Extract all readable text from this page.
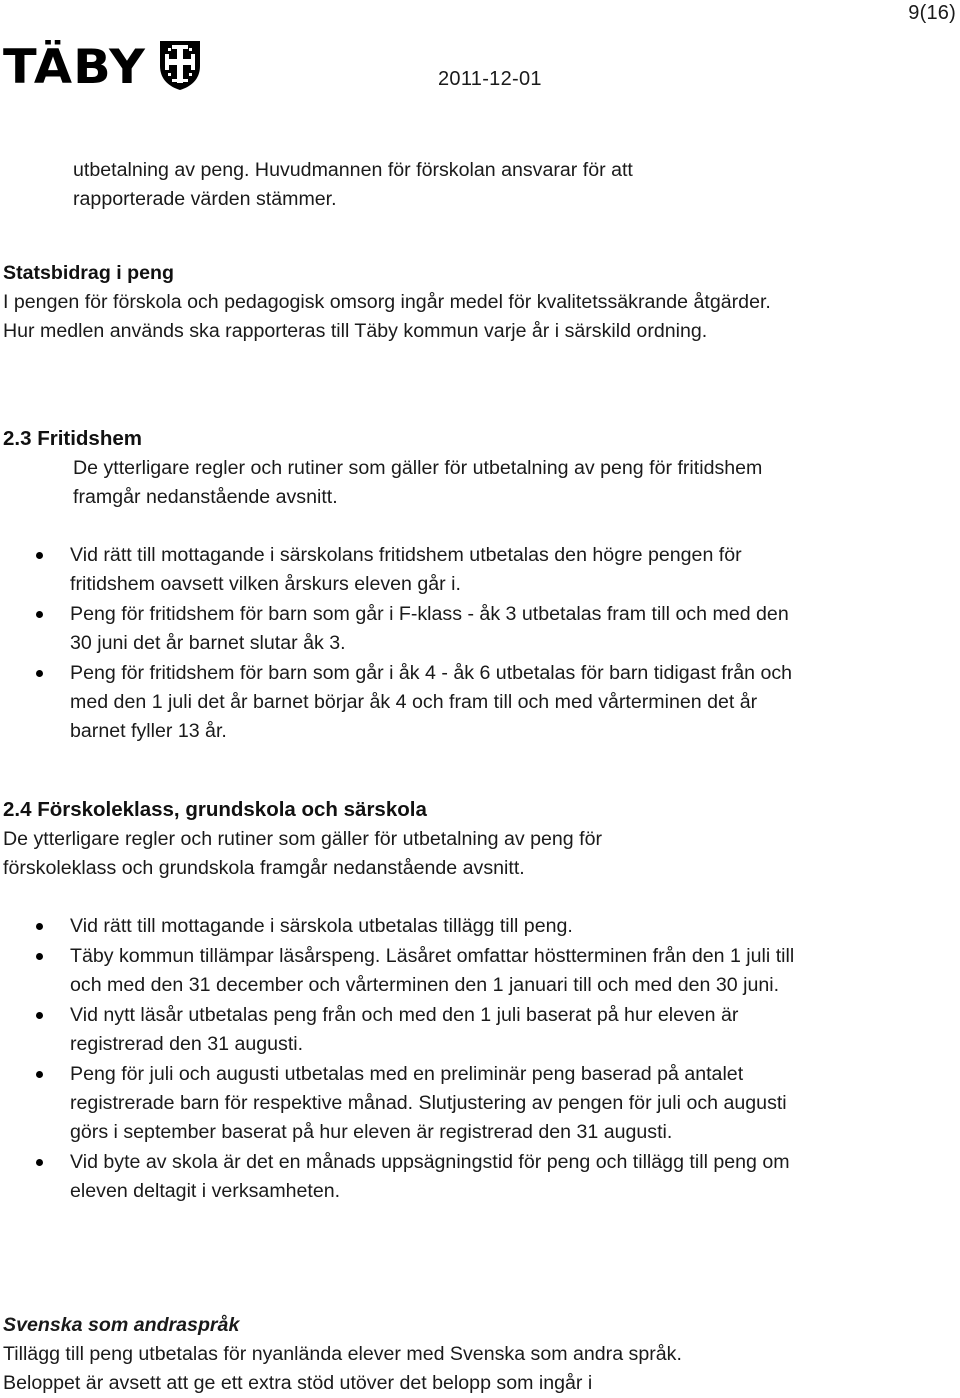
9(16)
TÄBY	2011-12-01
utbetalning av peng. Huvudmannen för förskolan ansvarar för att
rapporterade värden stämmer.
Statsbidrag i peng
I pengen för förskola och pedagogisk omsorg ingår medel för kvalitetssäkrande åtgärder. Hur medlen används ska rapporteras till Täby kommun varje år i särskild ordning.
2.3 Fritidshem
De ytterligare regler och rutiner som gäller för utbetalning av peng för fritidshem framgår nedanstående avsnitt.
Vid rätt till mottagande i särskolans fritidshem utbetalas den högre pengen för fritidshem oavsett vilken årskurs eleven går i.
Peng för fritidshem för barn som går i F-klass - åk 3 utbetalas fram till och med den 30 juni det år barnet slutar åk 3.
Peng för fritidshem för barn som går i åk 4 - åk 6 utbetalas för barn tidigast från och med den 1 juli det år barnet börjar åk 4 och fram till och med vårterminen det år barnet fyller 13 år.
2.4 Förskoleklass, grundskola och särskola
De ytterligare regler och rutiner som gäller för utbetalning av peng för förskoleklass och grundskola framgår nedanstående avsnitt.
Vid rätt till mottagande i särskola utbetalas tillägg till peng.
Täby kommun tillämpar läsårspeng. Läsåret omfattar höstterminen från den 1 juli till och med den 31 december och vårterminen den 1 januari till och med den 30 juni.
Vid nytt läsår utbetalas peng från och med den 1 juli baserat på hur eleven är registrerad den 31 augusti.
Peng för juli och augusti utbetalas med en preliminär peng baserad på antalet registrerade barn för respektive månad. Slutjustering av pengen för juli och augusti görs i september baserat på hur eleven är registrerad den 31 augusti.
Vid byte av skola är det en månads uppsägningstid för peng och tillägg till peng om eleven deltagit i verksamheten.
Svenska som andraspråk
Tillägg till peng utbetalas för nyanlända elever med Svenska som andra språk.
Beloppet är avsett att ge ett extra stöd utöver det belopp som ingår i
